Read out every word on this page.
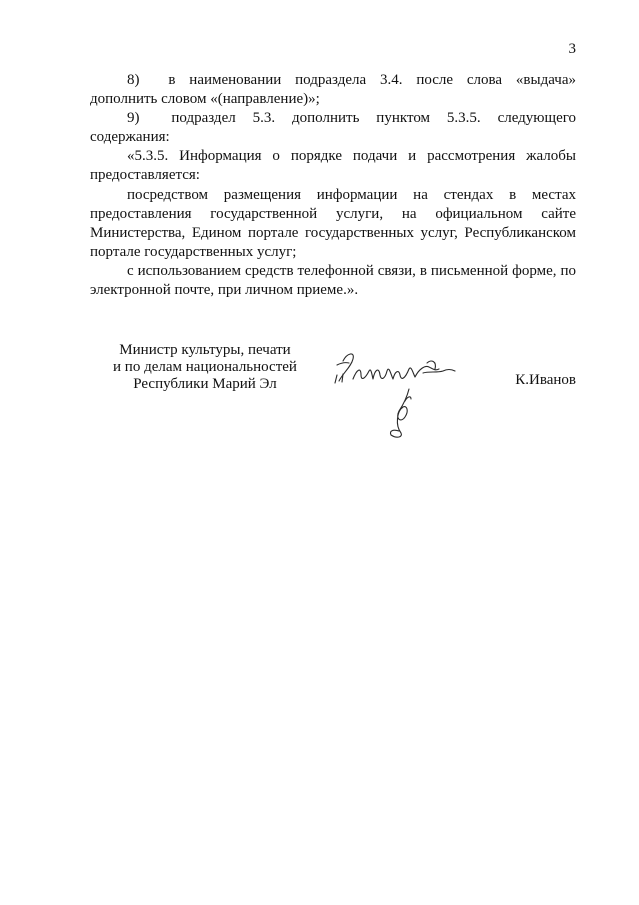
3

8)  в наименовании подраздела 3.4. после слова «выдача» дополнить словом «(направление)»;

9)  подраздел 5.3. дополнить пунктом 5.3.5. следующего содержания:

«5.3.5. Информация о порядке подачи и рассмотрения жалобы предоставляется:

посредством размещения информации на стендах в местах предоставления государственной услуги, на официальном сайте Министерства, Едином портале государственных услуг, Республиканском портале государственных услуг;

с использованием средств телефонной связи, в письменной форме, по электронной почте, при личном приеме.».

Министр культуры, печати
и по делам национальностей
Республики Марий Эл	К.Иванов
